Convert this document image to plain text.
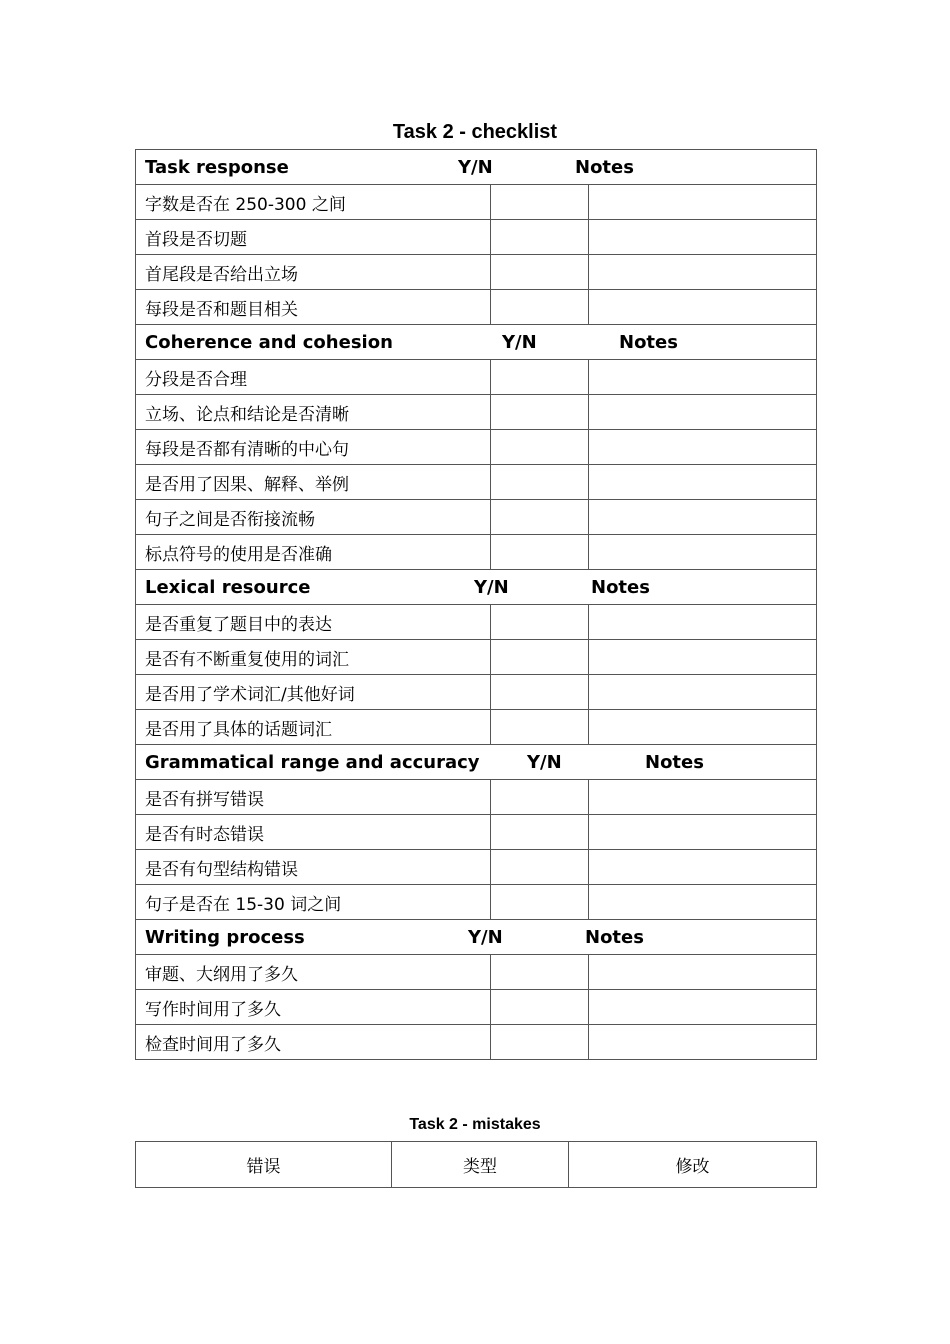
Task 2 - checklist
Task response Y/N Notes		

字数是否在 250-300 之间		
首段是否切题		
首尾段是否给出立场		
每段是否和题目相关		
Coherence and cohesion Y/N Notes		

分段是否合理		
立场、论点和结论是否清晰		
每段是否都有清晰的中心句		
是否用了因果、解释、举例		
句子之间是否衔接流畅		
标点符号的使用是否准确		
Lexical resource Y/N Notes		

是否重复了题目中的表达		
是否有不断重复使用的词汇		
是否用了学术词汇/其他好词		
是否用了具体的话题词汇		
Grammatical range and accuracy Y/N Notes		

是否有拼写错误		
是否有时态错误		
是否有句型结构错误		
句子是否在 15-30 词之间		
Writing process Y/N Notes		

审题、大纲用了多久		
写作时间用了多久		
检查时间用了多久		
Task 2 - mistakes
错误	类型	修改
